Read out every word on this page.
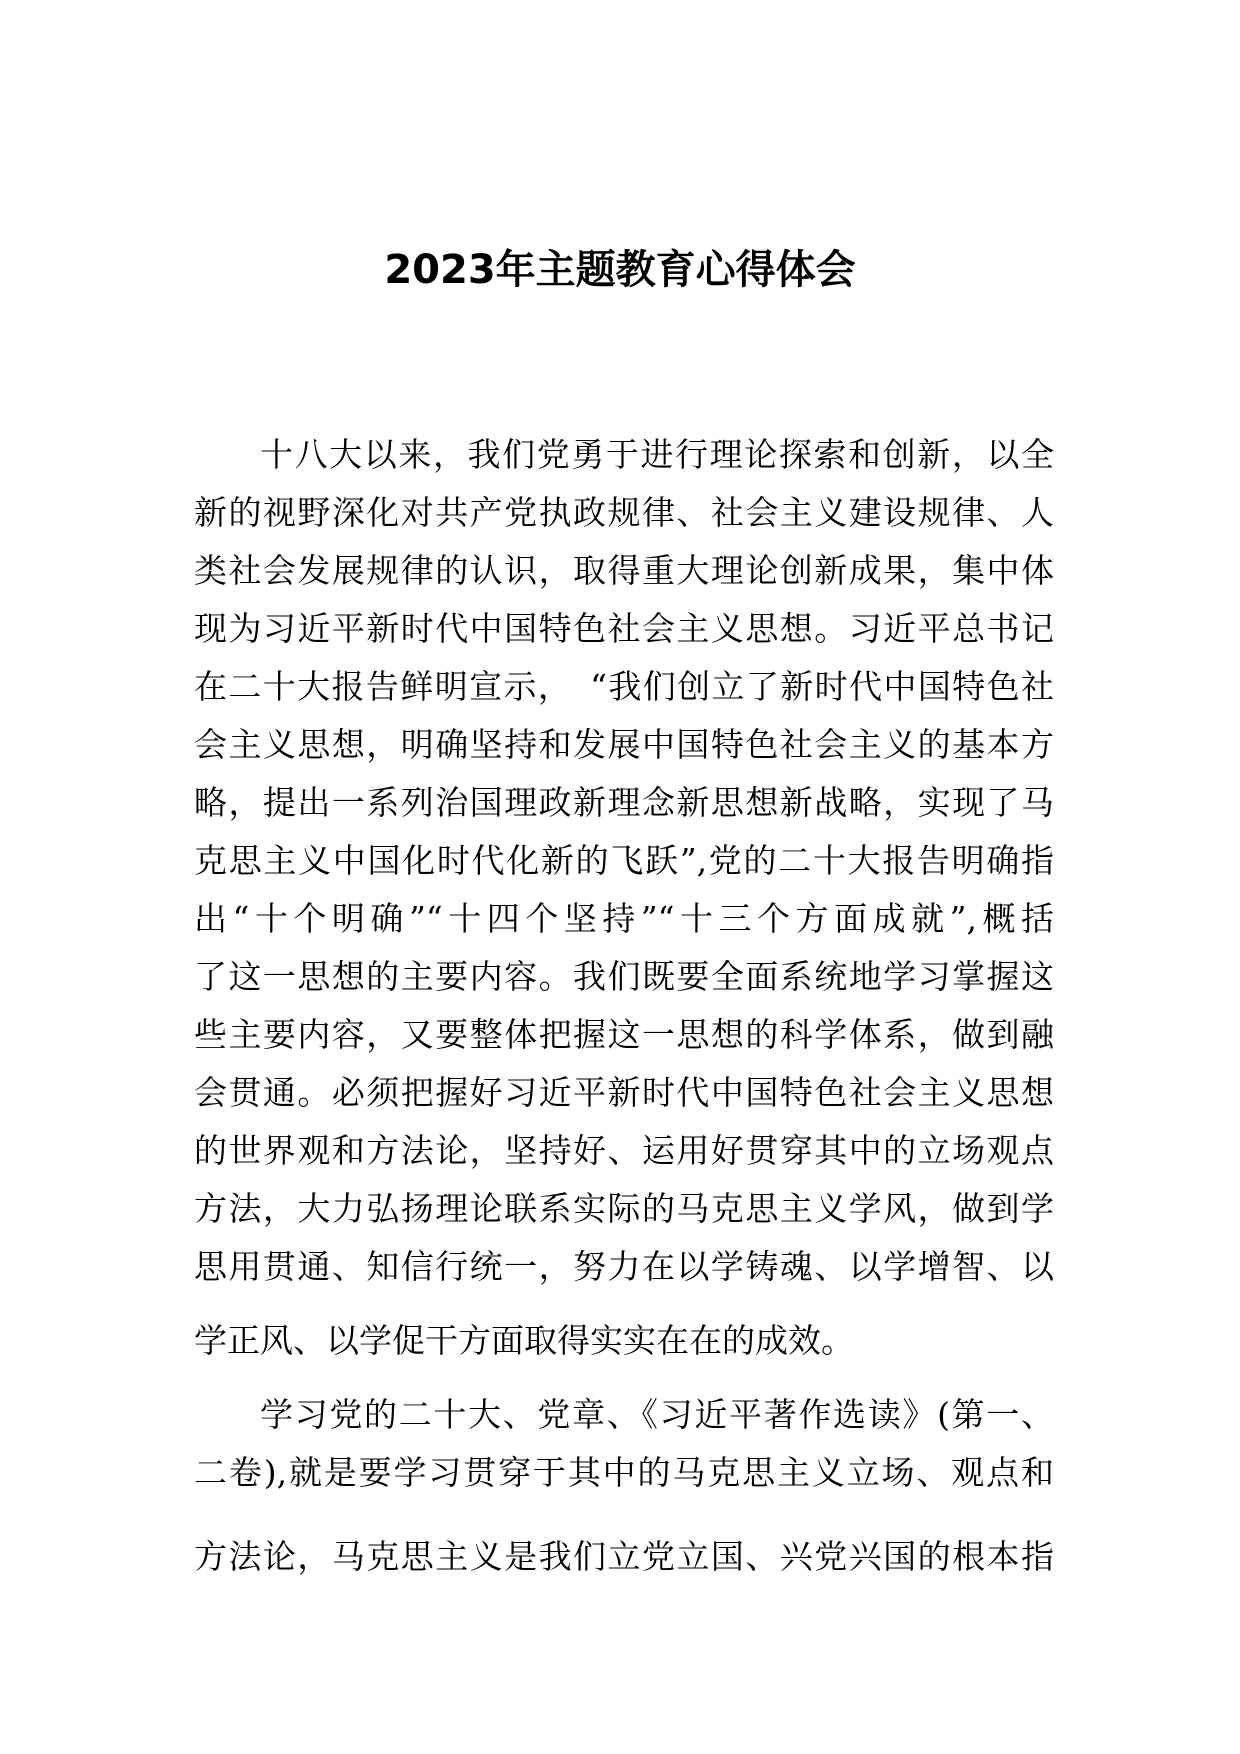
2023年主题教育心得体会
十八大以来，我们党勇于进行理论探索和创新，以全
新的视野深化对共产党执政规律、社会主义建设规律、人
类社会发展规律的认识，取得重大理论创新成果，集中体
现为习近平新时代中国特色社会主义思想。习近平总书记
在二十大报告鲜明宣示，　“我们创立了新时代中国特色社
会主义思想，明确坚持和发展中国特色社会主义的基本方
略，提出一系列治国理政新理念新思想新战略，实现了马
克思主义中国化时代化新的飞跃”,党的二十大报告明确指
出“十个明确”“十四个坚持”“十三个方面成就”,概括
了这一思想的主要内容。我们既要全面系统地学习掌握这
些主要内容，又要整体把握这一思想的科学体系，做到融
会贯通。必须把握好习近平新时代中国特色社会主义思想
的世界观和方法论，坚持好、运用好贯穿其中的立场观点
方法，大力弘扬理论联系实际的马克思主义学风，做到学
思用贯通、知信行统一，努力在以学铸魂、以学增智、以
学正风、以学促干方面取得实实在在的成效。
学习党的二十大、党章、《习近平著作选读》(第一、
二卷),就是要学习贯穿于其中的马克思主义立场、观点和
方法论，马克思主义是我们立党立国、兴党兴国的根本指
